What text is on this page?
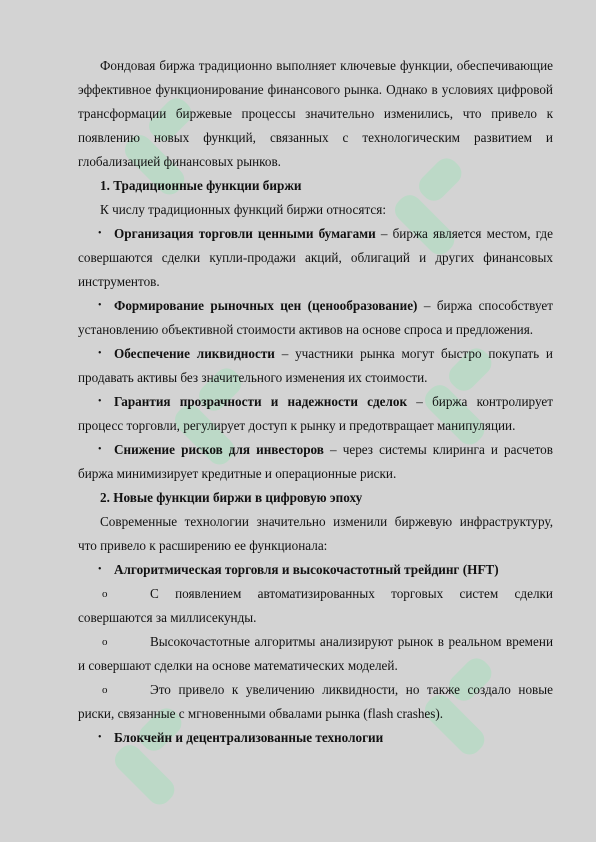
Фондовая биржа традиционно выполняет ключевые функции, обеспечивающие эффективное функционирование финансового рынка. Однако в условиях цифровой трансформации биржевые процессы значительно изменились, что привело к появлению новых функций, связанных с технологическим развитием и глобализацией финансовых рынков.

1. Традиционные функции биржи

К числу традиционных функций биржи относятся:

• Организация торговли ценными бумагами – биржа является местом, где совершаются сделки купли-продажи акций, облигаций и других финансовых инструментов.

• Формирование рыночных цен (ценообразование) – биржа способствует установлению объективной стоимости активов на основе спроса и предложения.

• Обеспечение ликвидности – участники рынка могут быстро покупать и продавать активы без значительного изменения их стоимости.

• Гарантия прозрачности и надежности сделок – биржа контролирует процесс торговли, регулирует доступ к рынку и предотвращает манипуляции.

• Снижение рисков для инвесторов – через системы клиринга и расчетов биржа минимизирует кредитные и операционные риски.

2. Новые функции биржи в цифровую эпоху

Современные технологии значительно изменили биржевую инфраструктуру, что привело к расширению ее функционала:

• Алгоритмическая торговля и высокочастотный трейдинг (HFT)

o	С появлением автоматизированных торговых систем сделки совершаются за миллисекунды.

o	Высокочастотные алгоритмы анализируют рынок в реальном времени и совершают сделки на основе математических моделей.

o	Это привело к увеличению ликвидности, но также создало новые риски, связанные с мгновенными обвалами рынка (flash crashes).

• Блокчейн и децентрализованные технологии
